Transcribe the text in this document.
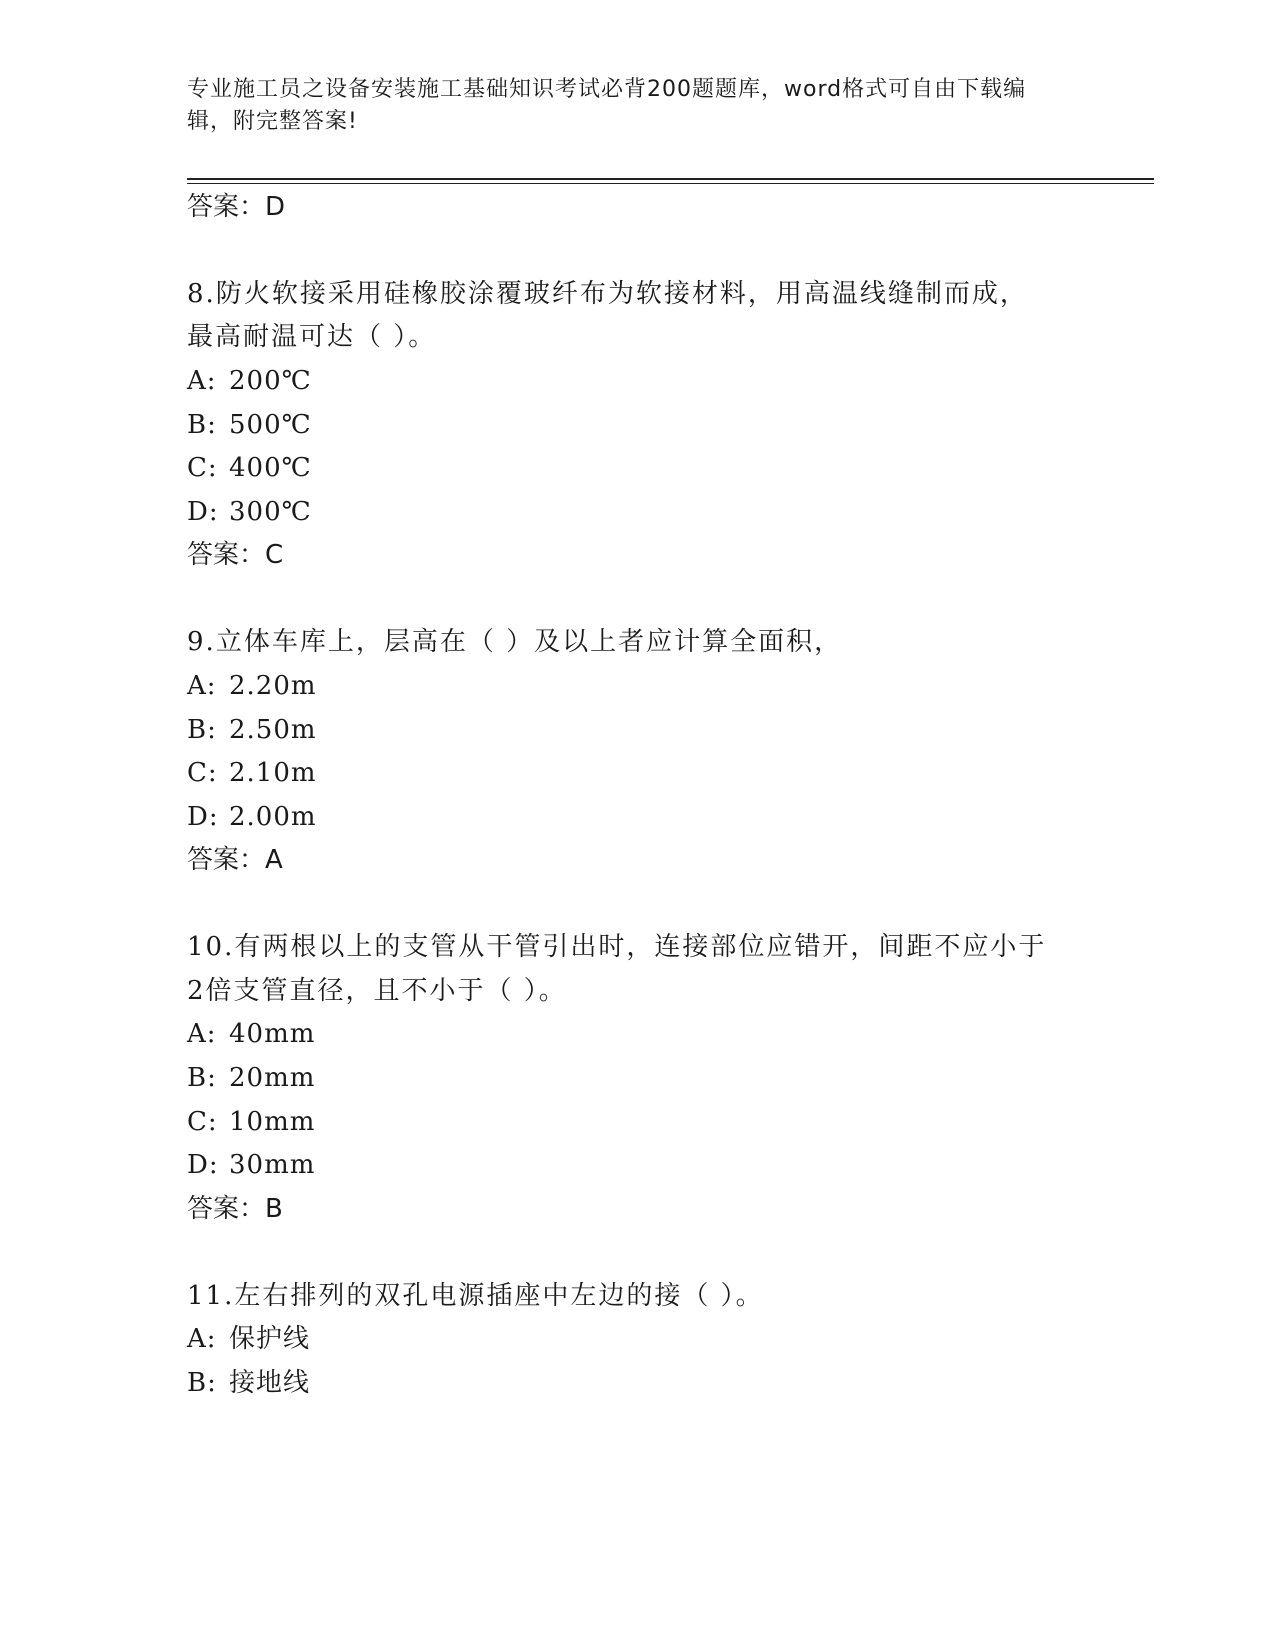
专业施工员之设备安装施工基础知识考试必背200题题库，word格式可自由下载编辑，附完整答案!
答案：D
8.防火软接采用硅橡胶涂覆玻纤布为软接材料，用高温线缝制而成，
最高耐温可达（ ）。
A: 200℃
B: 500℃
C: 400℃
D: 300℃
答案：C
9.立体车库上，层高在（ ）及以上者应计算全面积，
A: 2.20m
B: 2.50m
C: 2.10m
D: 2.00m
答案：A
10.有两根以上的支管从干管引出时，连接部位应错开，间距不应小于
2倍支管直径，且不小于（ ）。
A: 40mm
B: 20mm
C: 10mm
D: 30mm
答案：B
11.左右排列的双孔电源插座中左边的接（ ）。
A: 保护线
B: 接地线
